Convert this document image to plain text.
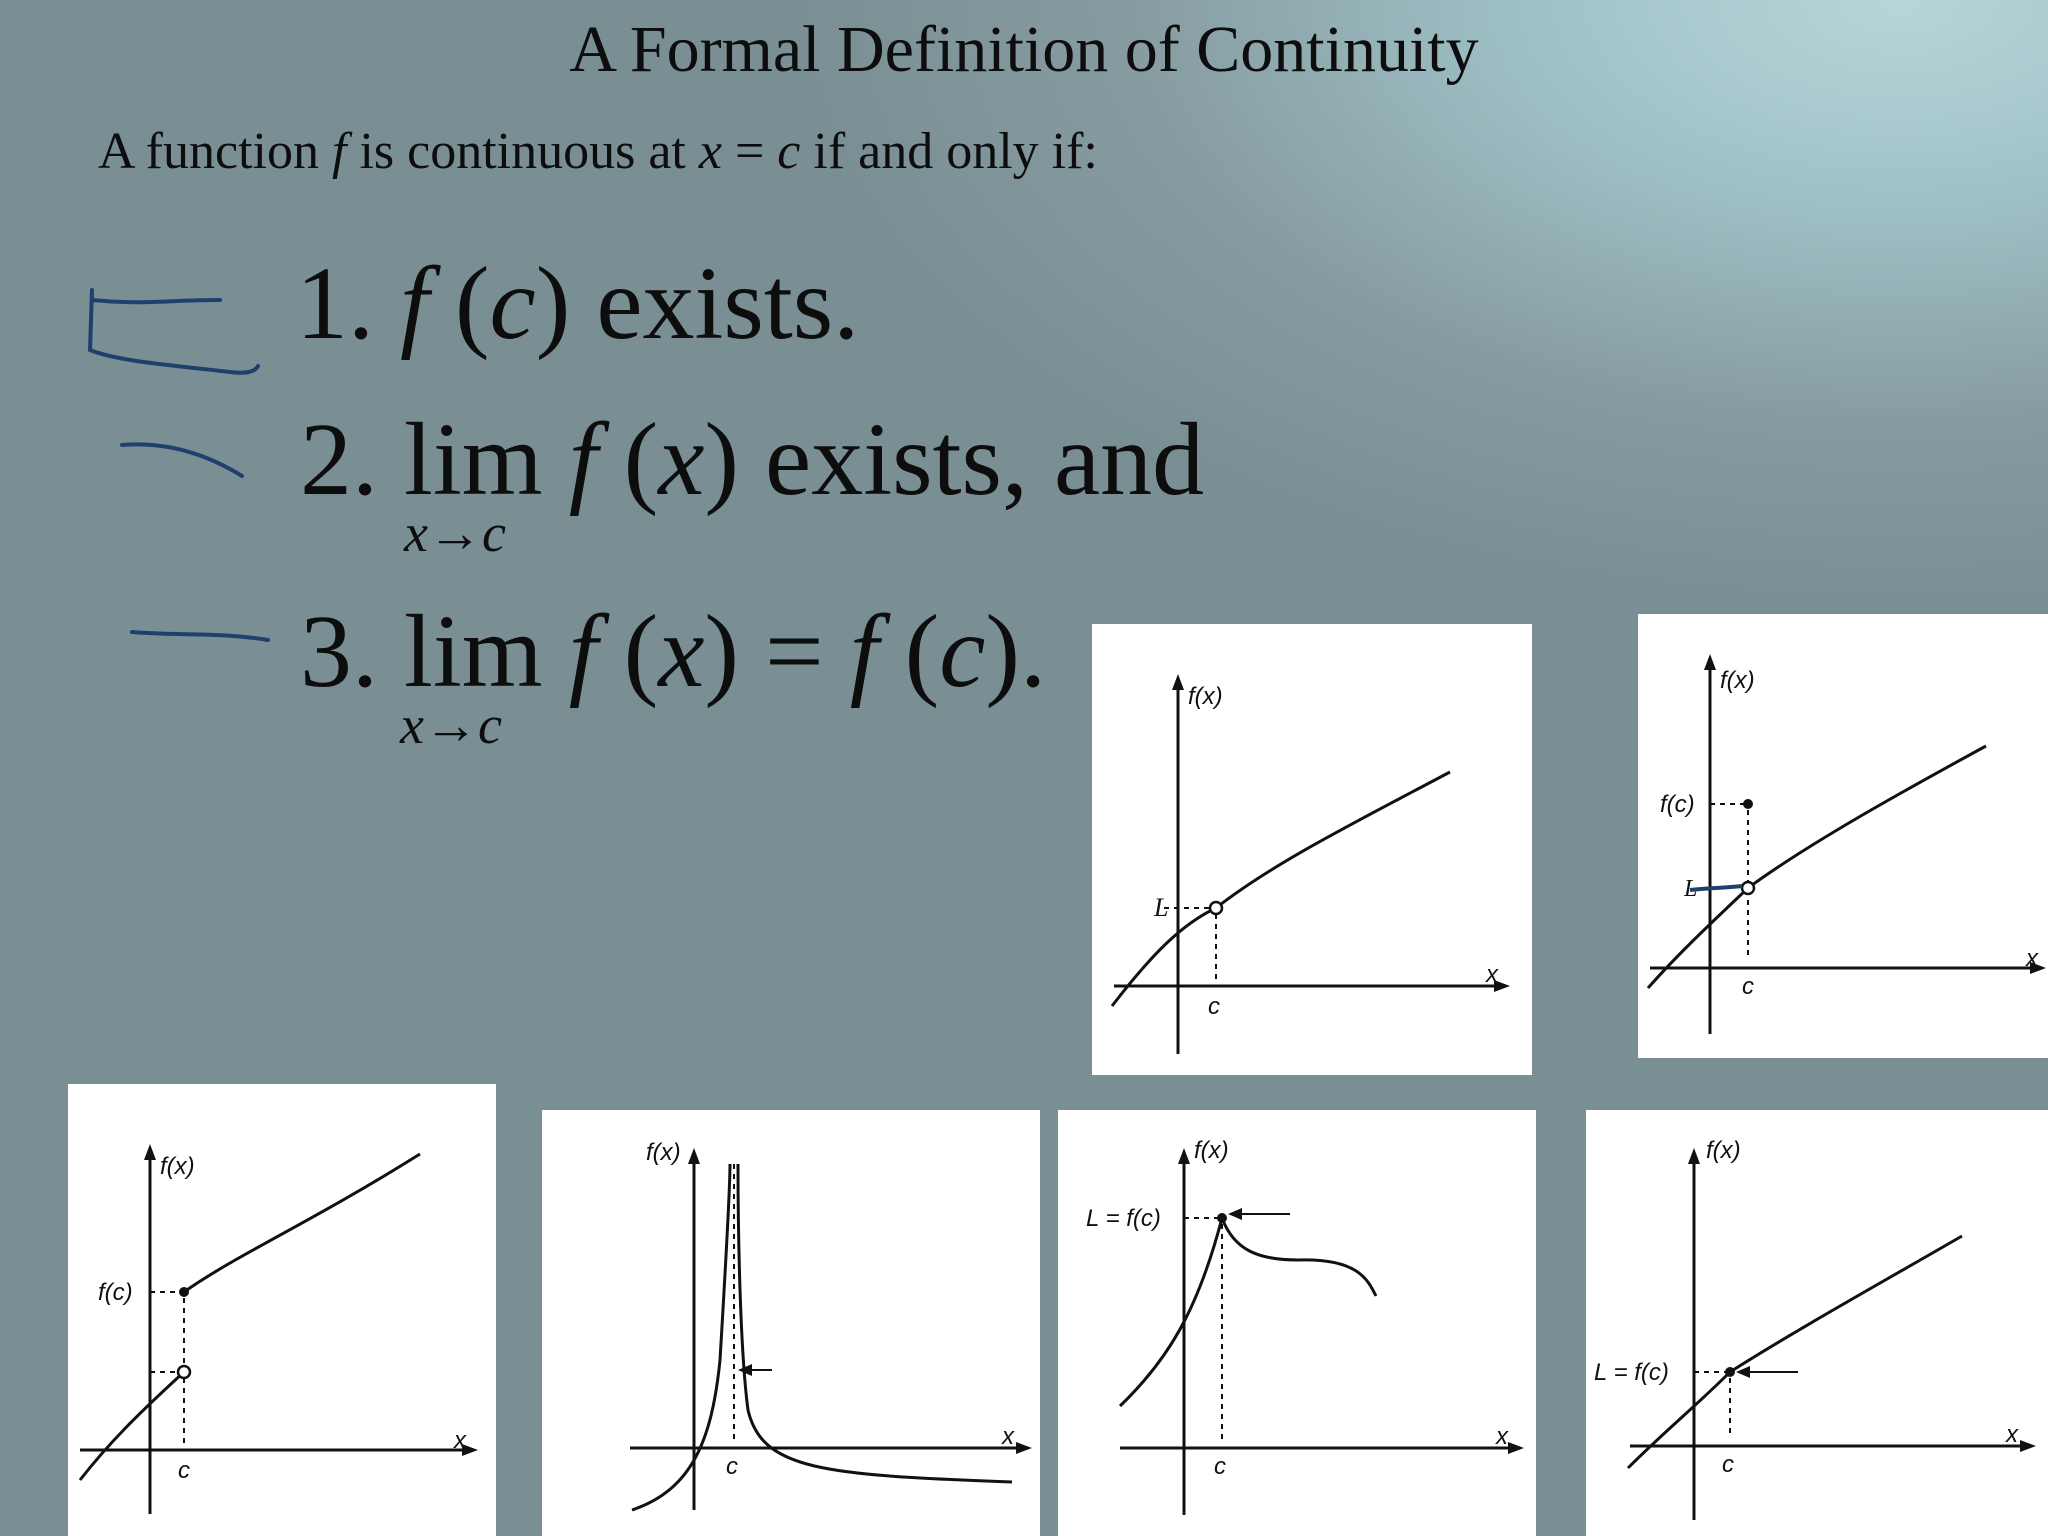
A Formal Definition of Continuity
A function f is continuous at x = c if and only if:
1. f (c) exists.
2. lim f (x) exists, and
x→c
3. lim f (x) = f (c).
x→c	f(x)
x
c
L
f(x)
x
c
f(c)
L
f(x)
x
c
f(c)
f(x)
x
c
f(x)
x
c
L = f(c)
f(x)
x
c
L = f(c)
